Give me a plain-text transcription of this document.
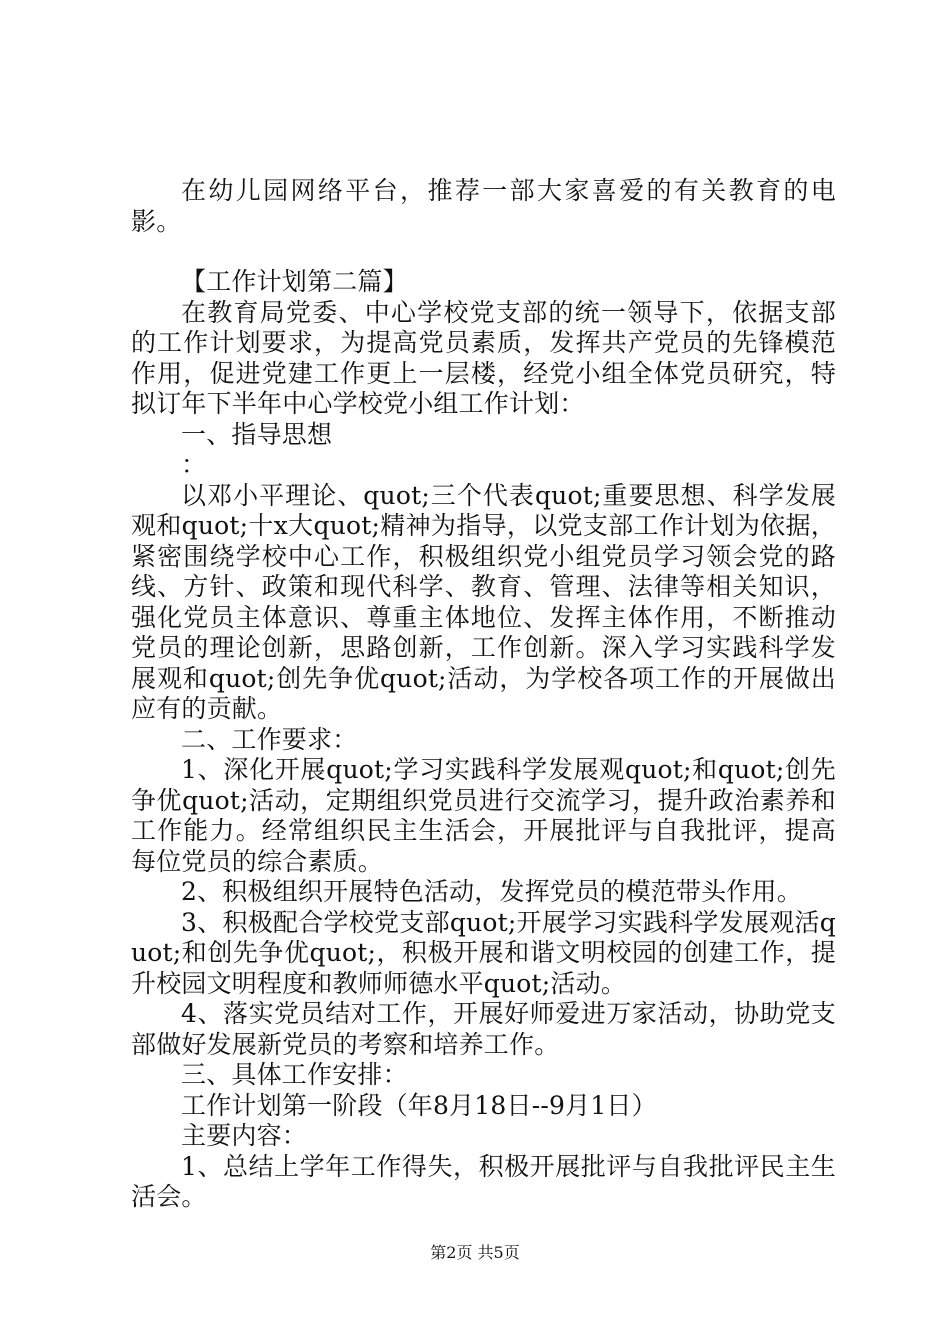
在幼儿园网络平台，推荐一部大家喜爱的有关教育的电影。

【工作计划第二篇】

在教育局党委、中心学校党支部的统一领导下，依据支部的工作计划要求，为提高党员素质，发挥共产党员的先锋模范作用，促进党建工作更上一层楼，经党小组全体党员研究，特拟订年下半年中心学校党小组工作计划：

一、指导思想

：

以邓小平理论、quot;三个代表quot;重要思想、科学发展观和quot;十x大quot;精神为指导，以党支部工作计划为依据，紧密围绕学校中心工作，积极组织党小组党员学习领会党的路线、方针、政策和现代科学、教育、管理、法律等相关知识，强化党员主体意识、尊重主体地位、发挥主体作用，不断推动党员的理论创新，思路创新，工作创新。深入学习实践科学发展观和quot;创先争优quot;活动，为学校各项工作的开展做出应有的贡献。

二、工作要求：

1、深化开展quot;学习实践科学发展观quot;和quot;创先争优quot;活动，定期组织党员进行交流学习，提升政治素养和工作能力。经常组织民主生活会，开展批评与自我批评，提高每位党员的综合素质。

2、积极组织开展特色活动，发挥党员的模范带头作用。

3、积极配合学校党支部quot;开展学习实践科学发展观活quot;和创先争优quot;，积极开展和谐文明校园的创建工作，提升校园文明程度和教师师德水平quot;活动。

4、落实党员结对工作，开展好师爱进万家活动，协助党支部做好发展新党员的考察和培养工作。

三、具体工作安排：

工作计划第一阶段（年8月18日--9月1日）

主要内容：

1、总结上学年工作得失，积极开展批评与自我批评民主生活会。

第2页 共5页
